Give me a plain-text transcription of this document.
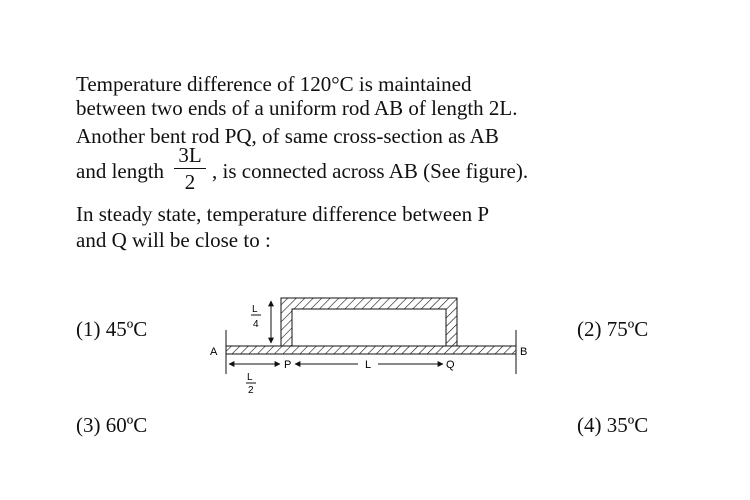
Temperature difference of 120°C is maintained
between two ends of a uniform rod AB of length 2L.
Another bent rod PQ, of same cross-section as AB
and length
3L
2 , is connected across AB (See figure).
In steady state, temperature difference between P
and Q will be close to :
(1) 45ºC	(2) 75ºC
(3) 60ºC	(4) 35ºC
A	B
L
4
P
L
2
L	Q
